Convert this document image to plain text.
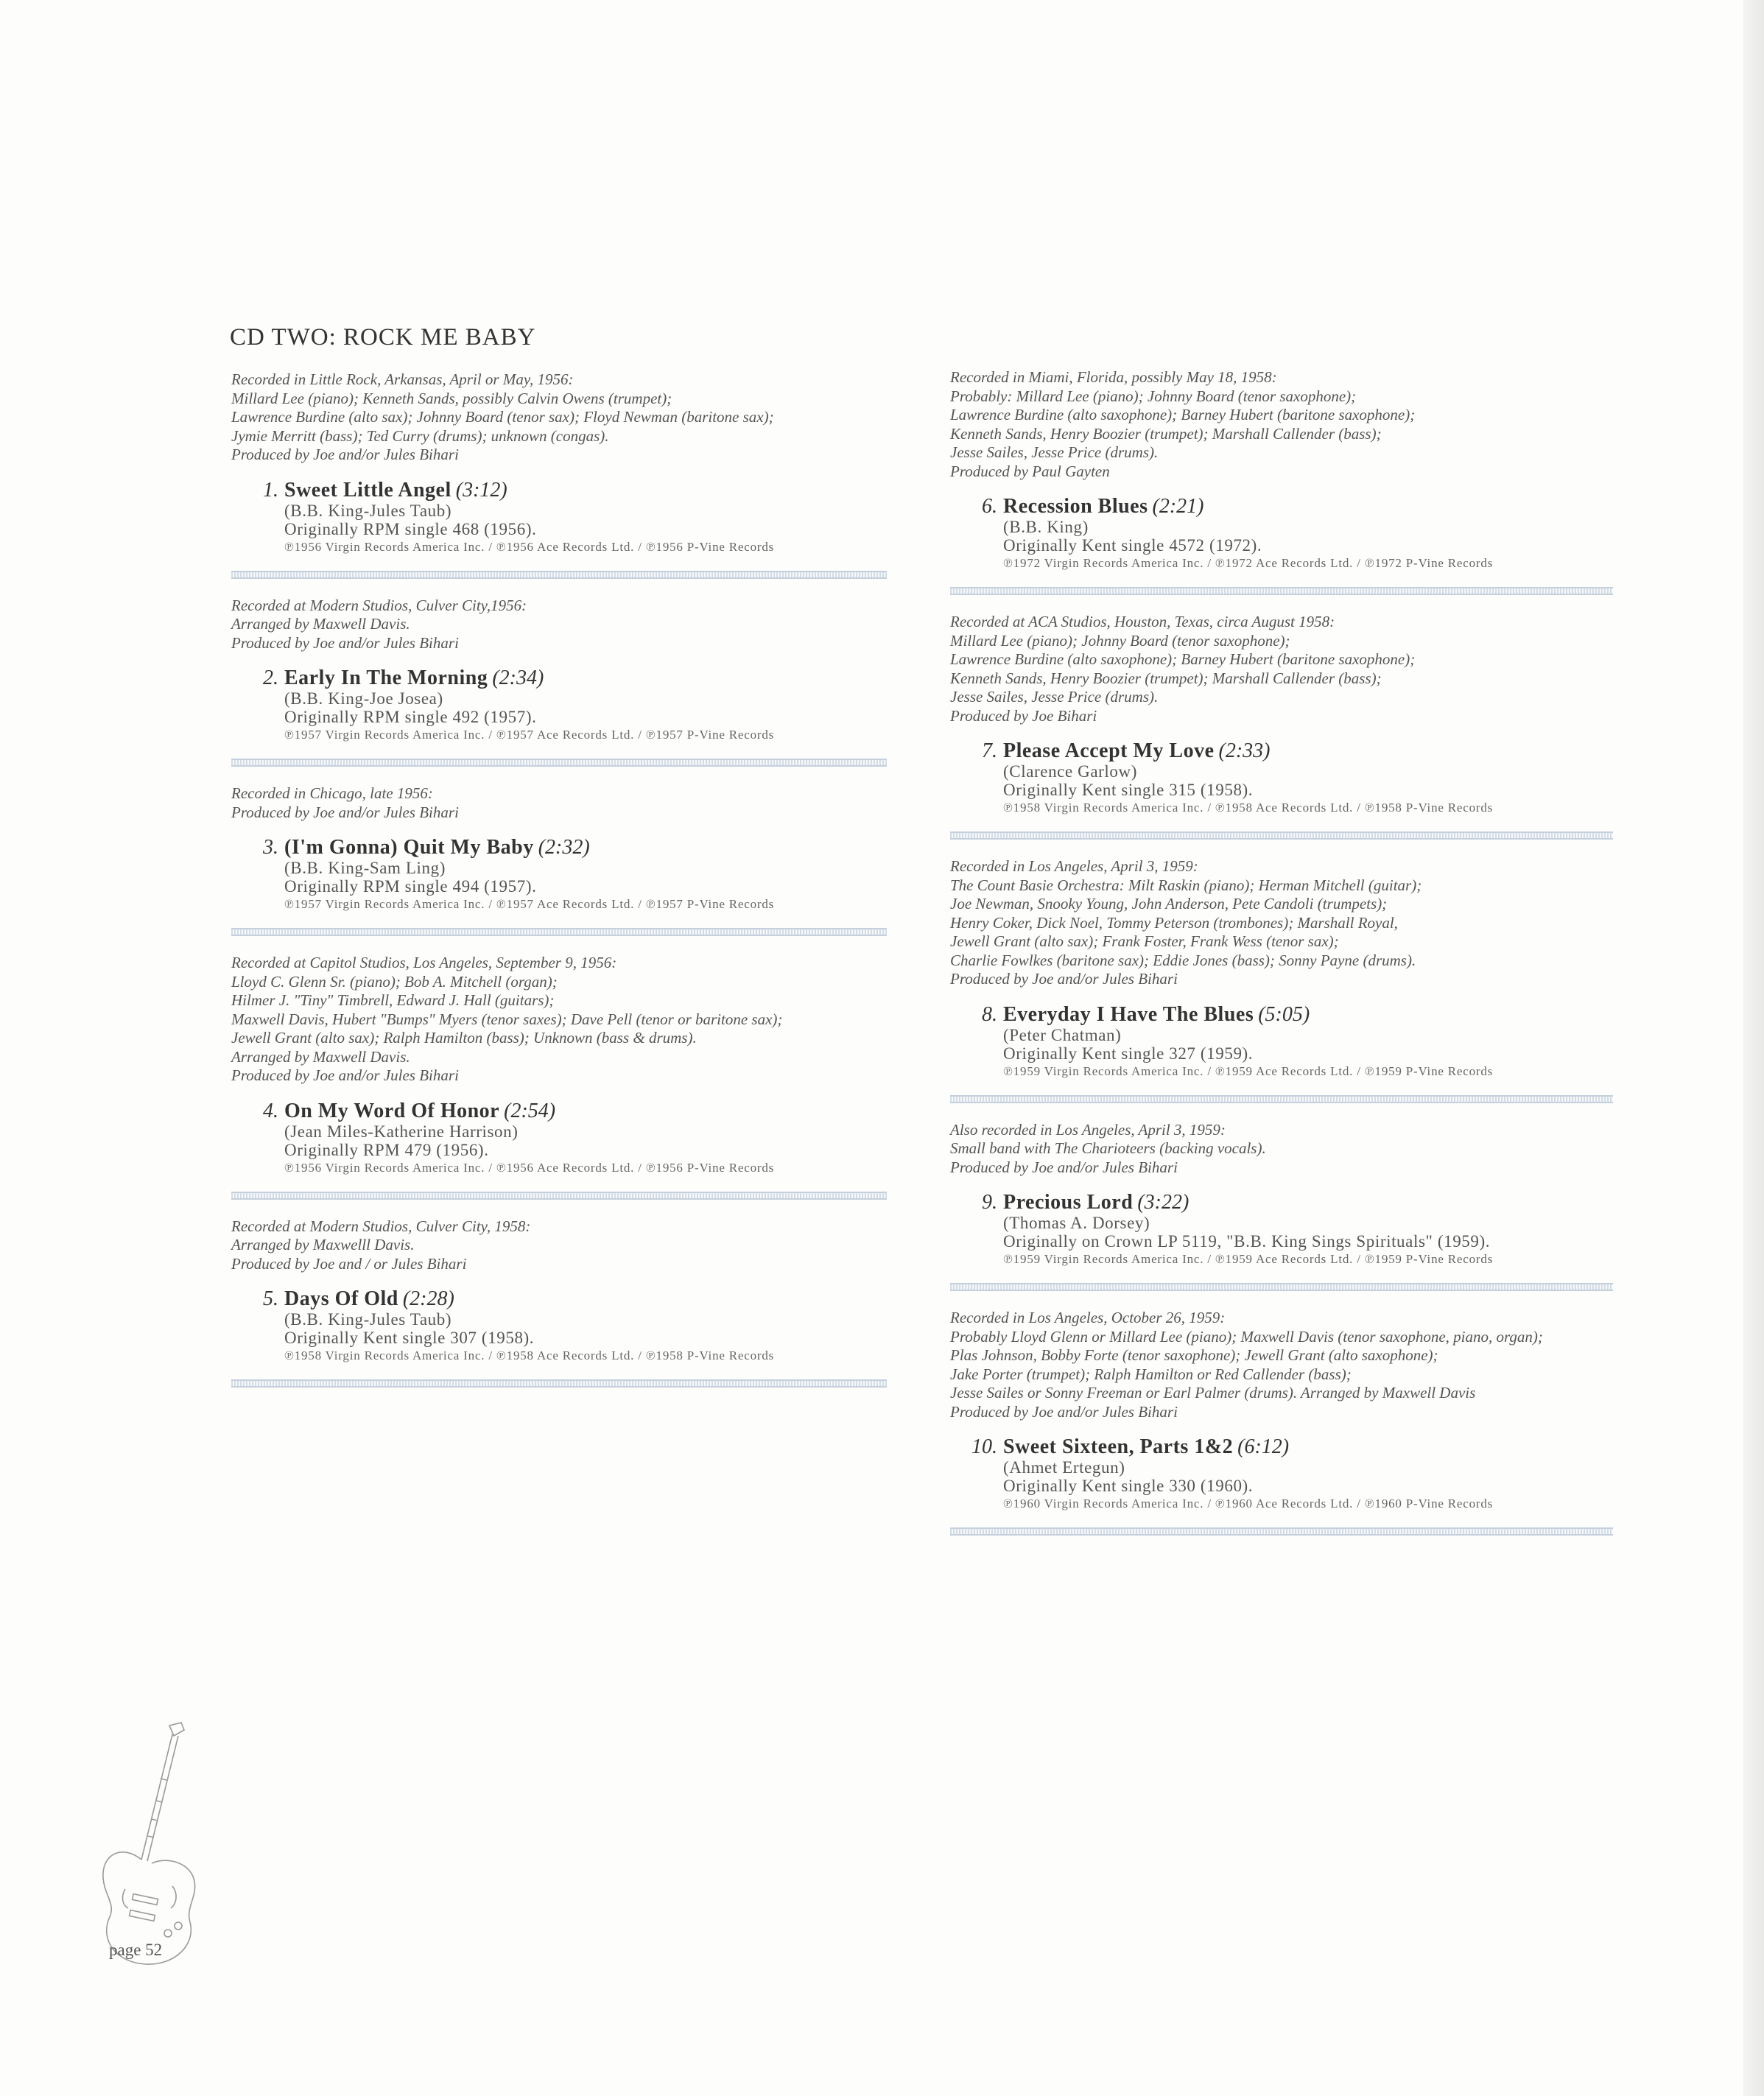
CD TWO: ROCK ME BABY
Recorded in Little Rock, Arkansas, April or May, 1956:
Millard Lee (piano); Kenneth Sands, possibly Calvin Owens (trumpet);
Lawrence Burdine (alto sax); Johnny Board (tenor sax); Floyd Newman (baritone sax);
Jymie Merritt (bass); Ted Curry (drums); unknown (congas).
Produced by Joe and/or Jules Bihari
1. Sweet Little Angel (3:12)
(B.B. King-Jules Taub)
Originally RPM single 468 (1956).
℗1956 Virgin Records America Inc. / ℗1956 Ace Records Ltd. / ℗1956 P-Vine Records
Recorded at Modern Studios, Culver City,1956:
Arranged by Maxwell Davis.
Produced by Joe and/or Jules Bihari
2. Early In The Morning (2:34)
(B.B. King-Joe Josea)
Originally RPM single 492 (1957).
℗1957 Virgin Records America Inc. / ℗1957 Ace Records Ltd. / ℗1957 P-Vine Records
Recorded in Chicago, late 1956:
Produced by Joe and/or Jules Bihari
3. (I'm Gonna) Quit My Baby (2:32)
(B.B. King-Sam Ling)
Originally RPM single 494 (1957).
℗1957 Virgin Records America Inc. / ℗1957 Ace Records Ltd. / ℗1957 P-Vine Records
Recorded at Capitol Studios, Los Angeles, September 9, 1956:
Lloyd C. Glenn Sr. (piano); Bob A. Mitchell (organ);
Hilmer J. "Tiny" Timbrell, Edward J. Hall (guitars);
Maxwell Davis, Hubert "Bumps" Myers (tenor saxes); Dave Pell (tenor or baritone sax);
Jewell Grant (alto sax); Ralph Hamilton (bass); Unknown (bass & drums).
Arranged by Maxwell Davis.
Produced by Joe and/or Jules Bihari
4. On My Word Of Honor (2:54)
(Jean Miles-Katherine Harrison)
Originally RPM 479 (1956).
℗1956 Virgin Records America Inc. / ℗1956 Ace Records Ltd. / ℗1956 P-Vine Records
Recorded at Modern Studios, Culver City, 1958:
Arranged by Maxwelll Davis.
Produced by Joe and / or Jules Bihari
5. Days Of Old (2:28)
(B.B. King-Jules Taub)
Originally Kent single 307 (1958).
℗1958 Virgin Records America Inc. / ℗1958 Ace Records Ltd. / ℗1958 P-Vine Records
Recorded in Miami, Florida, possibly May 18, 1958:
Probably: Millard Lee (piano); Johnny Board (tenor saxophone);
Lawrence Burdine (alto saxophone); Barney Hubert (baritone saxophone);
Kenneth Sands, Henry Boozier (trumpet); Marshall Callender (bass);
Jesse Sailes, Jesse Price (drums).
Produced by Paul Gayten
6. Recession Blues (2:21)
(B.B. King)
Originally Kent single 4572 (1972).
℗1972 Virgin Records America Inc. / ℗1972 Ace Records Ltd. / ℗1972 P-Vine Records
Recorded at ACA Studios, Houston, Texas, circa August 1958:
Millard Lee (piano); Johnny Board (tenor saxophone);
Lawrence Burdine (alto saxophone); Barney Hubert (baritone saxophone);
Kenneth Sands, Henry Boozier (trumpet); Marshall Callender (bass);
Jesse Sailes, Jesse Price (drums).
Produced by Joe Bihari
7. Please Accept My Love (2:33)
(Clarence Garlow)
Originally Kent single 315 (1958).
℗1958 Virgin Records America Inc. / ℗1958 Ace Records Ltd. / ℗1958 P-Vine Records
Recorded in Los Angeles, April 3, 1959:
The Count Basie Orchestra: Milt Raskin (piano); Herman Mitchell (guitar);
Joe Newman, Snooky Young, John Anderson, Pete Candoli (trumpets);
Henry Coker, Dick Noel, Tommy Peterson (trombones); Marshall Royal,
Jewell Grant (alto sax); Frank Foster, Frank Wess (tenor sax);
Charlie Fowlkes (baritone sax); Eddie Jones (bass); Sonny Payne (drums).
Produced by Joe and/or Jules Bihari
8. Everyday I Have The Blues (5:05)
(Peter Chatman)
Originally Kent single 327 (1959).
℗1959 Virgin Records America Inc. / ℗1959 Ace Records Ltd. / ℗1959 P-Vine Records
Also recorded in Los Angeles, April 3, 1959:
Small band with The Charioteers (backing vocals).
Produced by Joe and/or Jules Bihari
9. Precious Lord (3:22)
(Thomas A. Dorsey)
Originally on Crown LP 5119, "B.B. King Sings Spirituals" (1959).
℗1959 Virgin Records America Inc. / ℗1959 Ace Records Ltd. / ℗1959 P-Vine Records
Recorded in Los Angeles, October 26, 1959:
Probably Lloyd Glenn or Millard Lee (piano); Maxwell Davis (tenor saxophone, piano, organ);
Plas Johnson, Bobby Forte (tenor saxophone); Jewell Grant (alto saxophone);
Jake Porter (trumpet); Ralph Hamilton or Red Callender (bass);
Jesse Sailes or Sonny Freeman or Earl Palmer (drums). Arranged by Maxwell Davis
Produced by Joe and/or Jules Bihari
10. Sweet Sixteen, Parts 1&2 (6:12)
(Ahmet Ertegun)
Originally Kent single 330 (1960).
℗1960 Virgin Records America Inc. / ℗1960 Ace Records Ltd. / ℗1960 P-Vine Records
page 52
